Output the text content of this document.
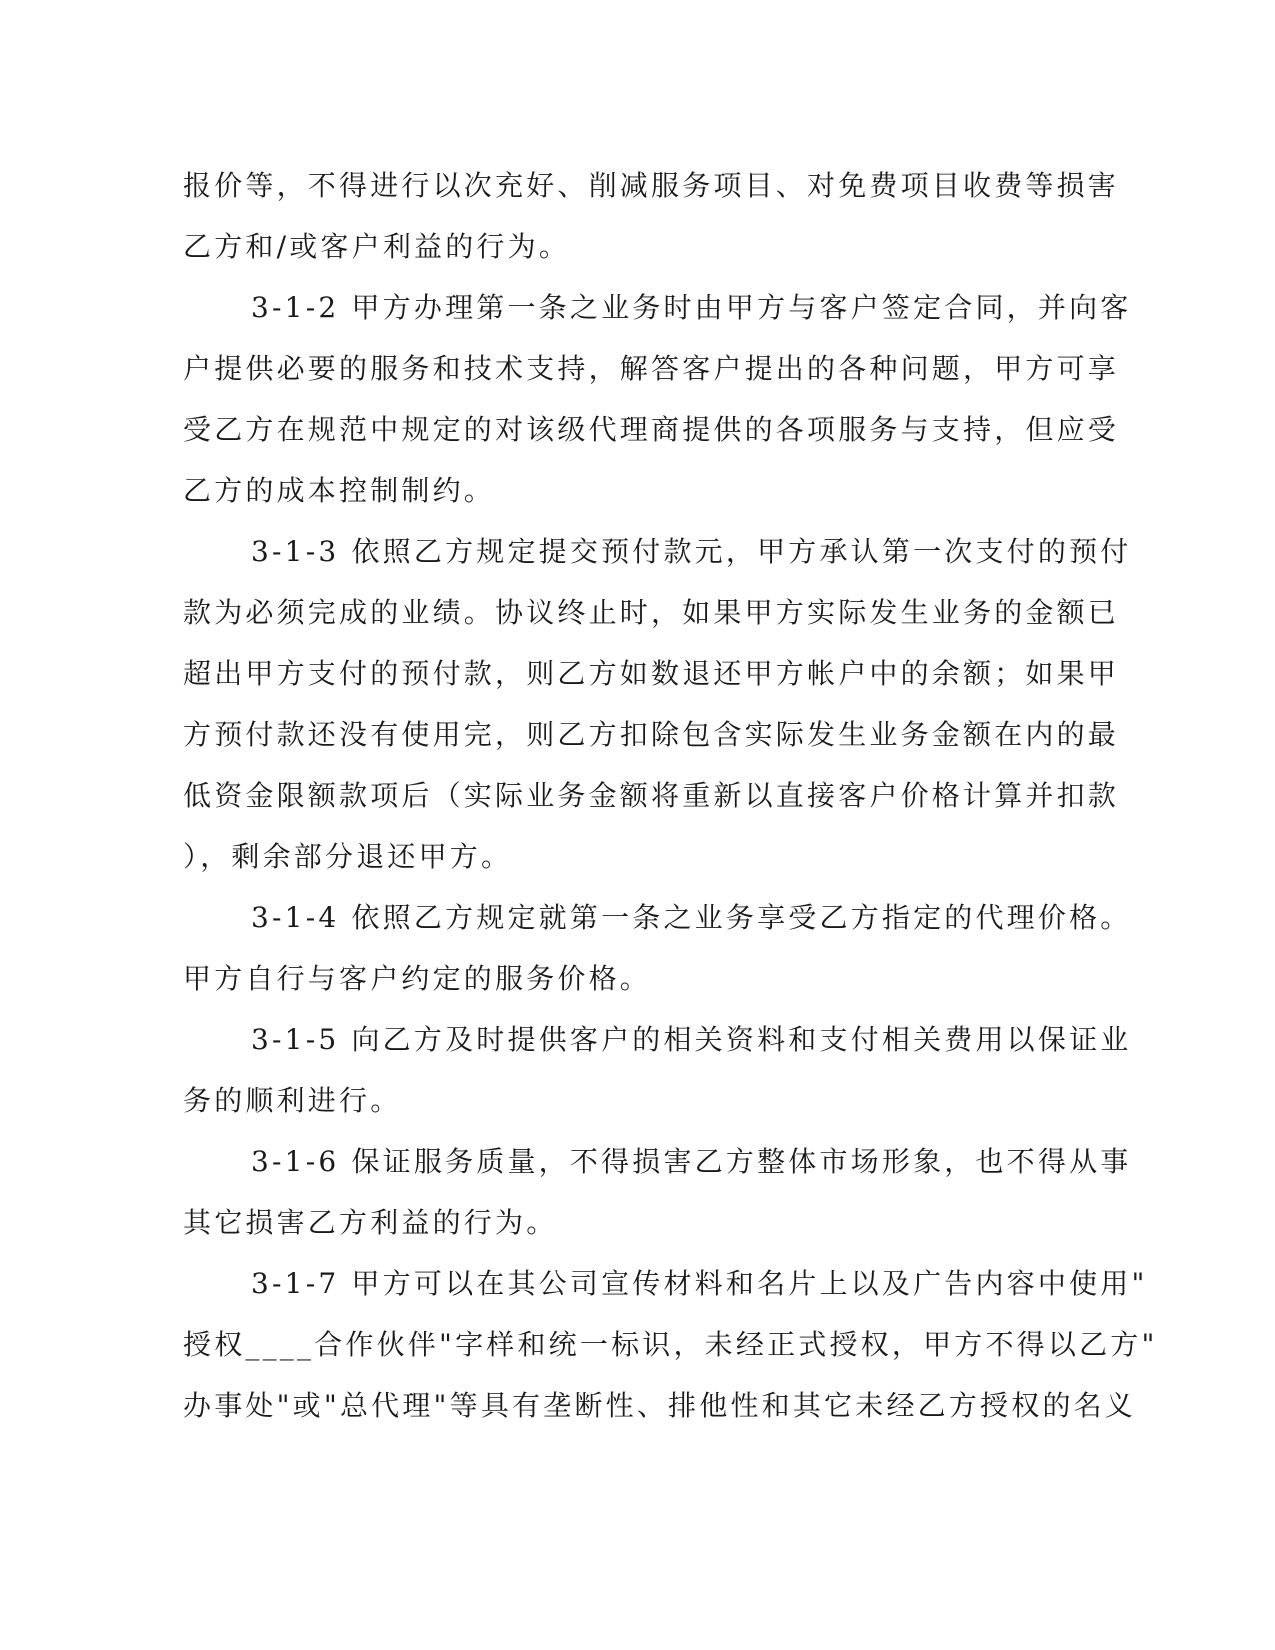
报价等，不得进行以次充好、削减服务项目、对免费项目收费等损害
乙方和/或客户利益的行为。
3-1-2 甲方办理第一条之业务时由甲方与客户签定合同，并向客
户提供必要的服务和技术支持，解答客户提出的各种问题，甲方可享
受乙方在规范中规定的对该级代理商提供的各项服务与支持，但应受
乙方的成本控制制约。
3-1-3 依照乙方规定提交预付款元，甲方承认第一次支付的预付
款为必须完成的业绩。协议终止时，如果甲方实际发生业务的金额已
超出甲方支付的预付款，则乙方如数退还甲方帐户中的余额；如果甲
方预付款还没有使用完，则乙方扣除包含实际发生业务金额在内的最
低资金限额款项后（实际业务金额将重新以直接客户价格计算并扣款
），剩余部分退还甲方。
3-1-4 依照乙方规定就第一条之业务享受乙方指定的代理价格。
甲方自行与客户约定的服务价格。
3-1-5 向乙方及时提供客户的相关资料和支付相关费用以保证业
务的顺利进行。
3-1-6 保证服务质量，不得损害乙方整体市场形象，也不得从事
其它损害乙方利益的行为。
3-1-7 甲方可以在其公司宣传材料和名片上以及广告内容中使用"
授权____合作伙伴"字样和统一标识，未经正式授权，甲方不得以乙方"
办事处"或"总代理"等具有垄断性、排他性和其它未经乙方授权的名义
